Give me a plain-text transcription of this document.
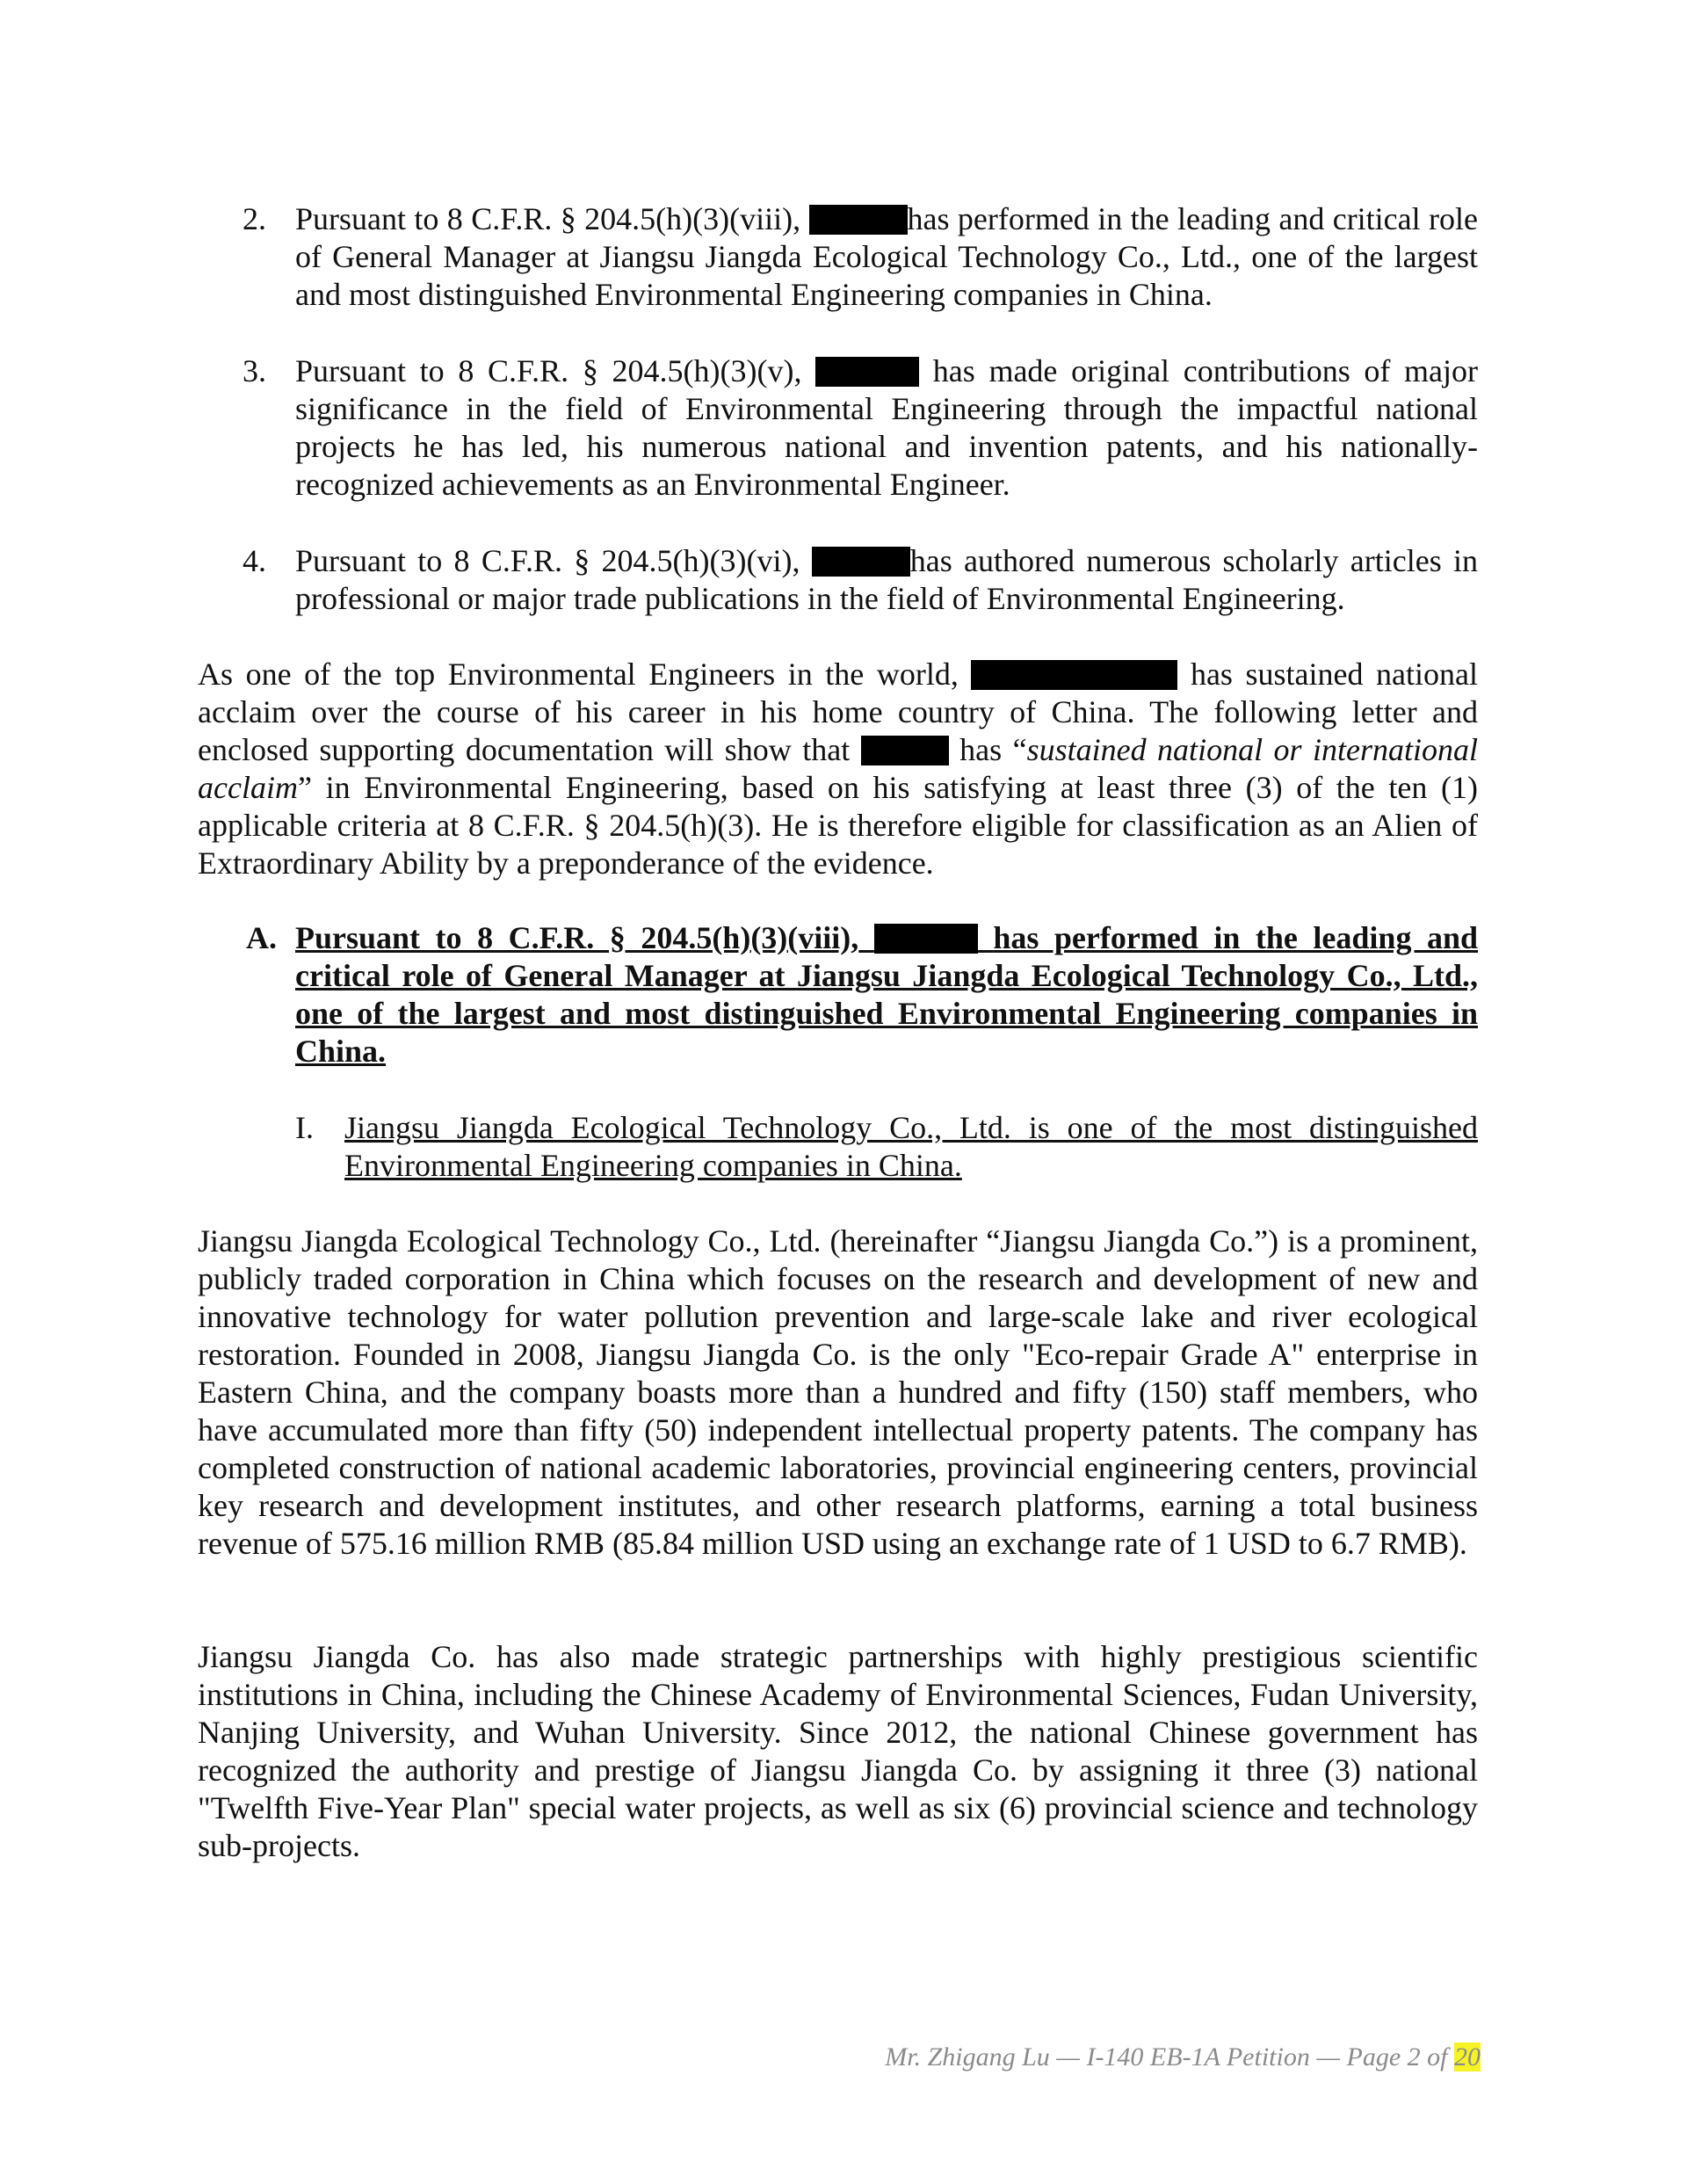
2. Pursuant to 8 C.F.R. § 204.5(h)(3)(viii),	has performed in the leading and critical role of General Manager at Jiangsu Jiangda Ecological Technology Co., Ltd., one of the largest and most distinguished Environmental Engineering companies in China.
3. Pursuant to 8 C.F.R. § 204.5(h)(3)(v),	has made original contributions of major significance in the field of Environmental Engineering through the impactful national projects he has led, his numerous national and invention patents, and his nationally-recognized achievements as an Environmental Engineer.
4. Pursuant to 8 C.F.R. § 204.5(h)(3)(vi),	has authored numerous scholarly articles in professional or major trade publications in the field of Environmental Engineering.
As one of the top Environmental Engineers in the world,	has sustained national acclaim over the course of his career in his home country of China. The following letter and enclosed supporting documentation will show that	has “sustained national or international acclaim” in Environmental Engineering, based on his satisfying at least three (3) of the ten (1) applicable criteria at 8 C.F.R. § 204.5(h)(3). He is therefore eligible for classification as an Alien of Extraordinary Ability by a preponderance of the evidence.
A. Pursuant to 8 C.F.R. § 204.5(h)(3)(viii),	has performed in the leading and critical role of General Manager at Jiangsu Jiangda Ecological Technology Co., Ltd., one of the largest and most distinguished Environmental Engineering companies in China.
I. Jiangsu Jiangda Ecological Technology Co., Ltd. is one of the most distinguished Environmental Engineering companies in China.
Jiangsu Jiangda Ecological Technology Co., Ltd. (hereinafter “Jiangsu Jiangda Co.”) is a prominent, publicly traded corporation in China which focuses on the research and development of new and innovative technology for water pollution prevention and large-scale lake and river ecological restoration. Founded in 2008, Jiangsu Jiangda Co. is the only "Eco-repair Grade A" enterprise in Eastern China, and the company boasts more than a hundred and fifty (150) staff members, who have accumulated more than fifty (50) independent intellectual property patents. The company has completed construction of national academic laboratories, provincial engineering centers, provincial key research and development institutes, and other research platforms, earning a total business revenue of 575.16 million RMB (85.84 million USD using an exchange rate of 1 USD to 6.7 RMB).
Jiangsu Jiangda Co. has also made strategic partnerships with highly prestigious scientific institutions in China, including the Chinese Academy of Environmental Sciences, Fudan University, Nanjing University, and Wuhan University. Since 2012, the national Chinese government has recognized the authority and prestige of Jiangsu Jiangda Co. by assigning it three (3) national "Twelfth Five-Year Plan" special water projects, as well as six (6) provincial science and technology sub-projects.
Mr. Zhigang Lu — I-140 EB-1A Petition — Page 2 of 20
